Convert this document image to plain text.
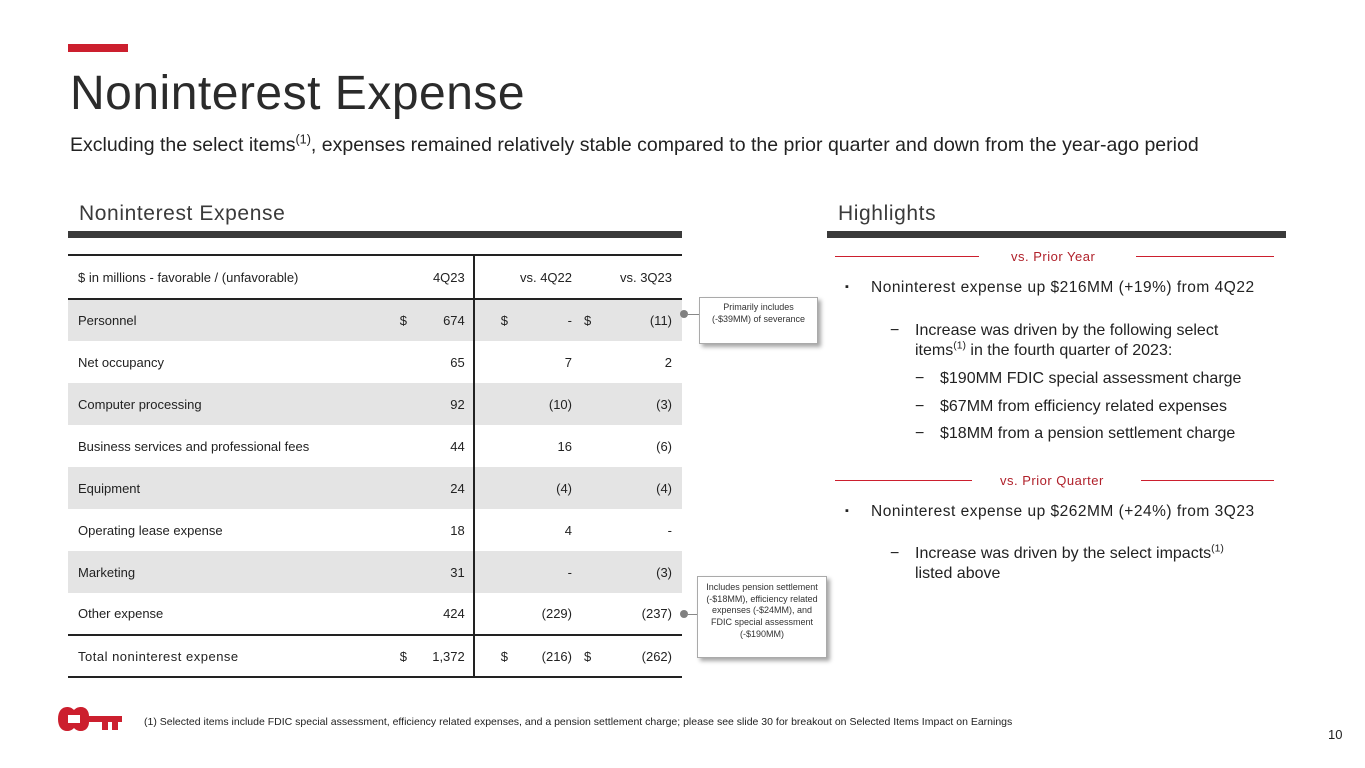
Noninterest Expense
Excluding the select items$^{(1)}$, expenses remained relatively stable compared to the prior quarter and down from the year-ago period
Noninterest Expense
$ in millions - favorable / (unfavorable)	4Q23		vs. 4Q22		vs. 3Q23	
Personnel	$	674	$	-	$	(11)
Net occupancy		65		7		2
Computer processing		92		(10)		(3)
Business services and professional fees		44		16		(6)
Equipment		24		(4)		(4)
Operating lease expense		18		4		-
Marketing		31		-		(3)
Other expense		424		(229)		(237)
Total noninterest expense	$	1,372	$	(216)	$	(262)
Primarily includes (-$39MM) of severance
Includes pension settlement (-$18MM), efficiency related expenses (-$24MM), and FDIC special assessment (-$190MM)
Highlights
vs. Prior Year
▪ Noninterest expense up $216MM (+19%) from 4Q22
− Increase was driven by the following select items$^{(1)}$ in the fourth quarter of 2023:
− $190MM FDIC special assessment charge
− $67MM from efficiency related expenses
− $18MM from a pension settlement charge
vs. Prior Quarter
▪ Noninterest expense up $262MM (+24%) from 3Q23
− Increase was driven by the select impacts$^{(1)}$ listed above
(1) Selected items include FDIC special assessment, efficiency related expenses, and a pension settlement charge; please see slide 30 for breakout on Selected Items Impact on Earnings
10
